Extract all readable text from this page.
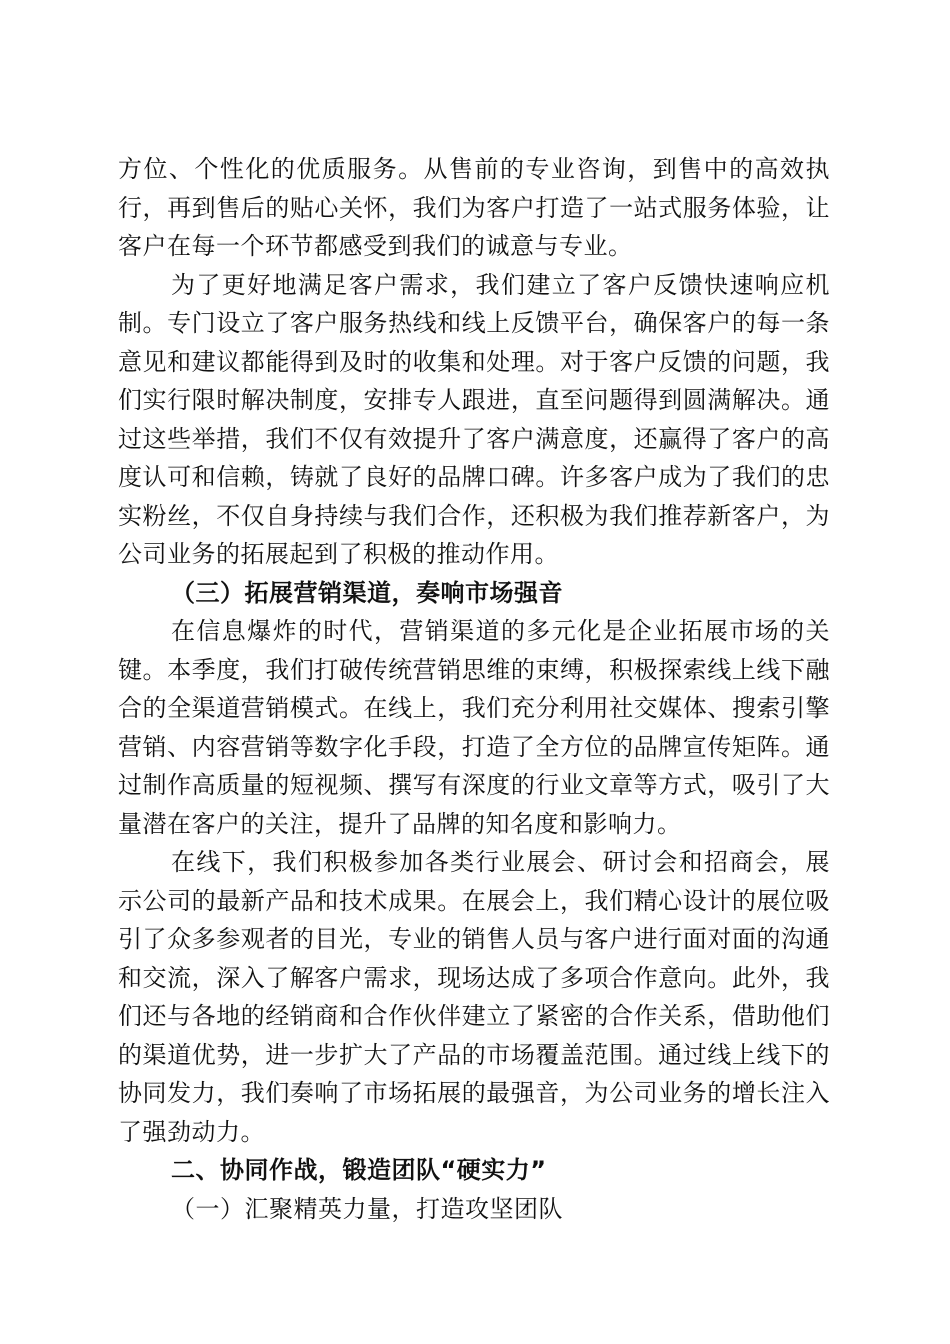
方位、个性化的优质服务。从售前的专业咨询，到售中的高效执行，再到售后的贴心关怀，我们为客户打造了一站式服务体验，让客户在每一个环节都感受到我们的诚意与专业。

为了更好地满足客户需求，我们建立了客户反馈快速响应机制。专门设立了客户服务热线和线上反馈平台，确保客户的每一条意见和建议都能得到及时的收集和处理。对于客户反馈的问题，我们实行限时解决制度，安排专人跟进，直至问题得到圆满解决。通过这些举措，我们不仅有效提升了客户满意度，还赢得了客户的高度认可和信赖，铸就了良好的品牌口碑。许多客户成为了我们的忠实粉丝，不仅自身持续与我们合作，还积极为我们推荐新客户，为公司业务的拓展起到了积极的推动作用。

（三）拓展营销渠道，奏响市场强音

在信息爆炸的时代，营销渠道的多元化是企业拓展市场的关键。本季度，我们打破传统营销思维的束缚，积极探索线上线下融合的全渠道营销模式。在线上，我们充分利用社交媒体、搜索引擎营销、内容营销等数字化手段，打造了全方位的品牌宣传矩阵。通过制作高质量的短视频、撰写有深度的行业文章等方式，吸引了大量潜在客户的关注，提升了品牌的知名度和影响力。

在线下，我们积极参加各类行业展会、研讨会和招商会，展示公司的最新产品和技术成果。在展会上，我们精心设计的展位吸引了众多参观者的目光，专业的销售人员与客户进行面对面的沟通和交流，深入了解客户需求，现场达成了多项合作意向。此外，我们还与各地的经销商和合作伙伴建立了紧密的合作关系，借助他们的渠道优势，进一步扩大了产品的市场覆盖范围。通过线上线下的协同发力，我们奏响了市场拓展的最强音，为公司业务的增长注入了强劲动力。

二、协同作战，锻造团队“硬实力”

（一）汇聚精英力量，打造攻坚团队
